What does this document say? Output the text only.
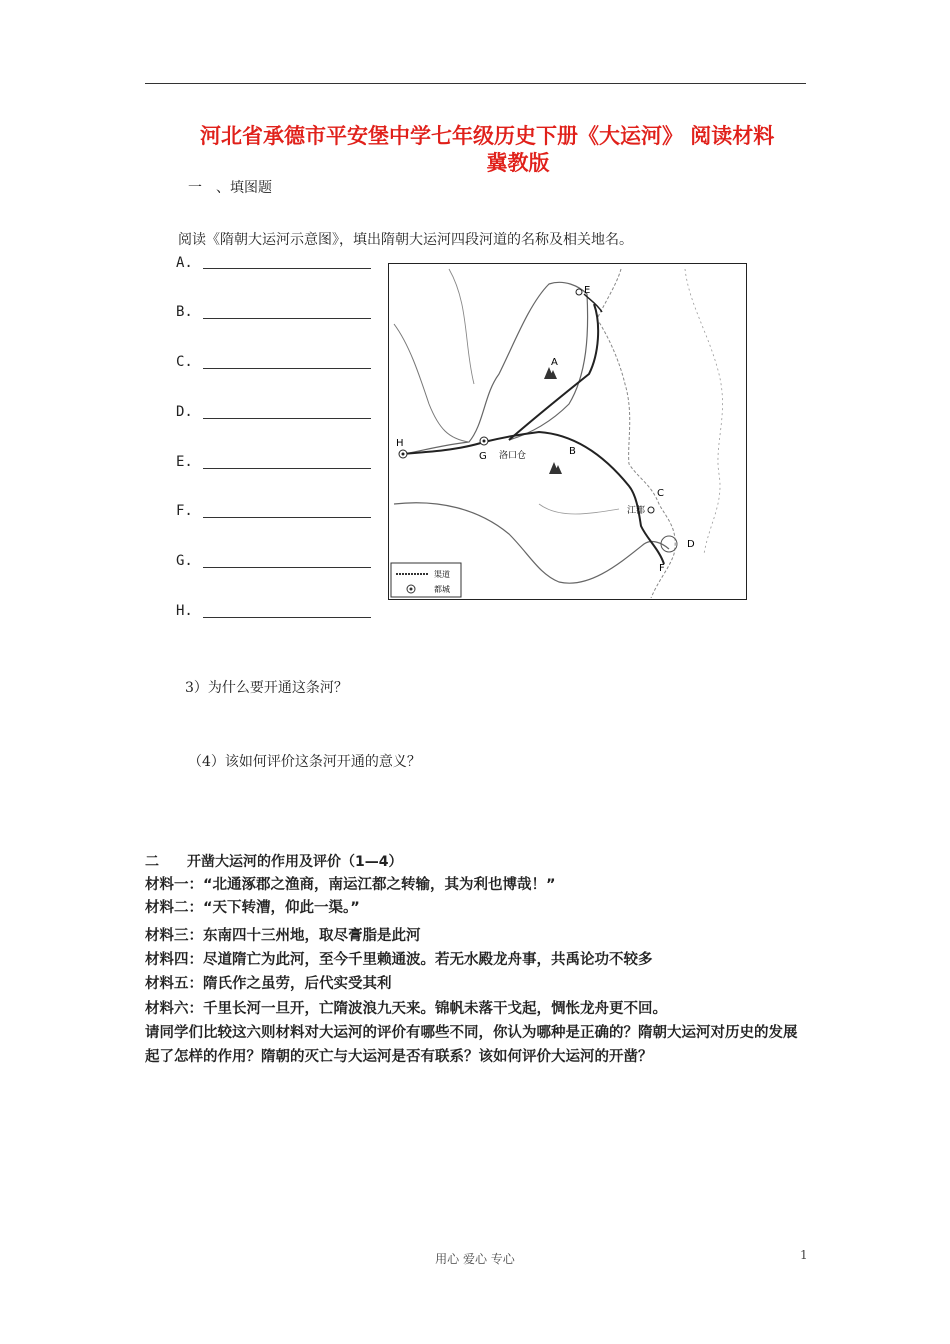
河北省承德市平安堡中学七年级历史下册《大运河》 阅读材料
冀教版
一　、填图题
阅读《隋朝大运河示意图》，填出隋朝大运河四段河道的名称及相关地名。
A.
B.
C.
D.
E.
F.
G.
H.
A
B
C
D
E
F
G
H
洛口仓
江都
渠道
都城
3）为什么要开通这条河？
（4）该如何评价这条河开通的意义？
二　　开凿大运河的作用及评价（1—4）
材料一：“北通涿郡之渔商，南运江都之转输，其为利也博哉！”
材料二：“天下转漕，仰此一渠。”
材料三：东南四十三州地，取尽膏脂是此河
材料四：尽道隋亡为此河，至今千里赖通波。若无水殿龙舟事，共禹论功不较多
材料五：隋氏作之虽劳，后代实受其利
材料六：千里长河一旦开，亡隋波浪九天来。锦帆未落干戈起，惆怅龙舟更不回。
请同学们比较这六则材料对大运河的评价有哪些不同，你认为哪种是正确的？隋朝大运河对历史的发展起了怎样的作用？隋朝的灭亡与大运河是否有联系？该如何评价大运河的开凿？
用心 爱心 专心	1
